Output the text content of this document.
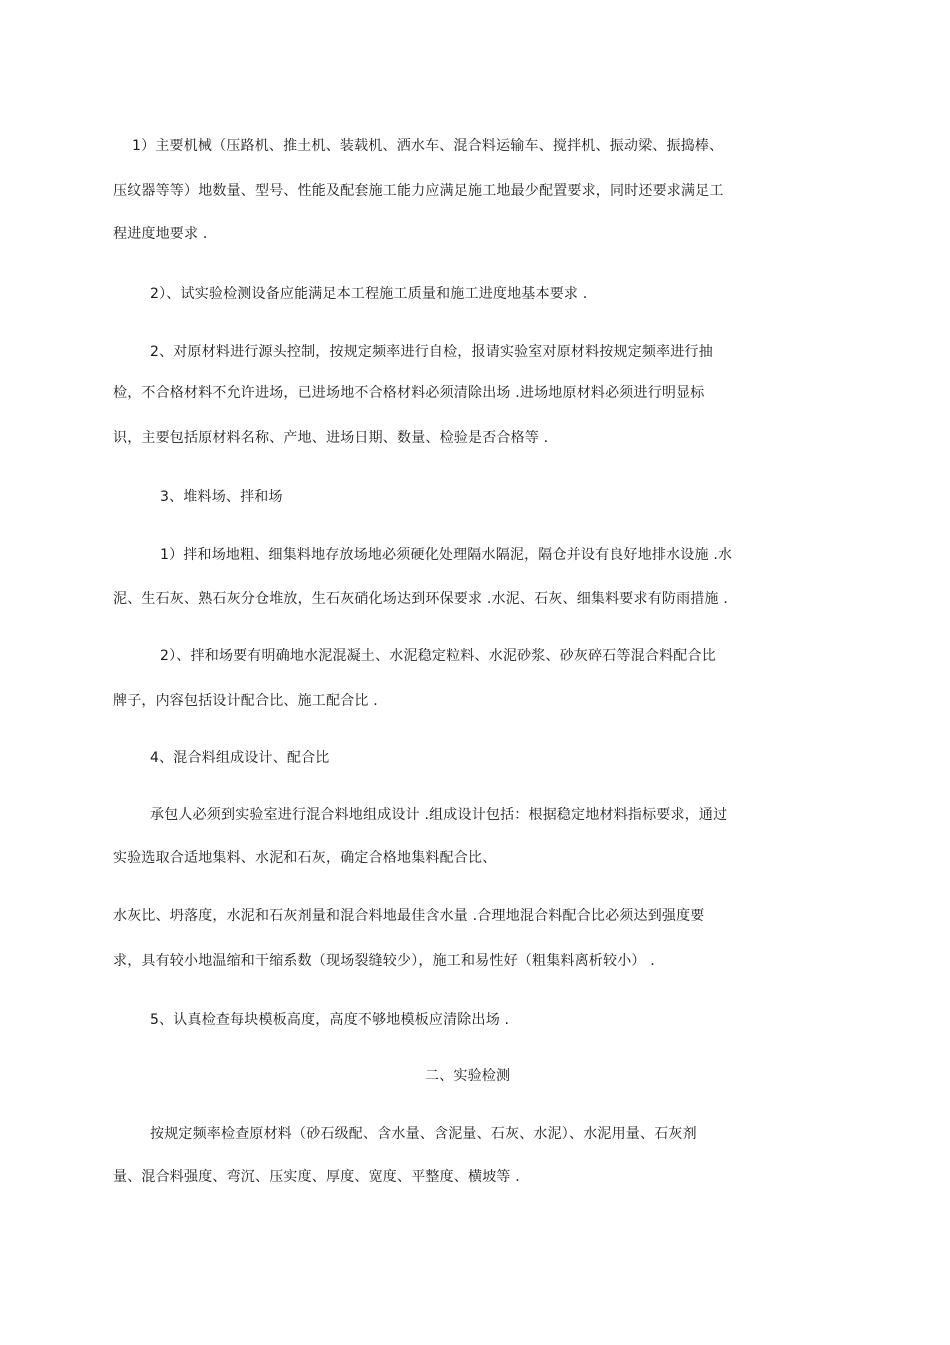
1）主要机械（压路机、推土机、装载机、洒水车、混合料运输车、搅拌机、振动梁、振捣棒、
压纹器等等）地数量、型号、性能及配套施工能力应满足施工地最少配置要求，同时还要求满足工
程进度地要求 .
2）、试实验检测设备应能满足本工程施工质量和施工进度地基本要求 .
2、对原材料进行源头控制，按规定频率进行自检，报请实验室对原材料按规定频率进行抽
检，不合格材料不允许进场，已进场地不合格材料必须清除出场 .进场地原材料必须进行明显标
识，主要包括原材料名称、产地、进场日期、数量、检验是否合格等 .
3、堆料场、拌和场
1）拌和场地粗、细集料地存放场地必须硬化处理隔水隔泥，隔仓并设有良好地排水设施 .水
泥、生石灰、熟石灰分仓堆放，生石灰硝化场达到环保要求 .水泥、石灰、细集料要求有防雨措施 .
2）、拌和场要有明确地水泥混凝土、水泥稳定粒料、水泥砂浆、砂灰碎石等混合料配合比
牌子，内容包括设计配合比、施工配合比 .
4、混合料组成设计、配合比
承包人必须到实验室进行混合料地组成设计 .组成设计包括：根据稳定地材料指标要求，通过
实验选取合适地集料、水泥和石灰，确定合格地集料配合比、
水灰比、坍落度，水泥和石灰剂量和混合料地最佳含水量 .合理地混合料配合比必须达到强度要
求，具有较小地温缩和干缩系数（现场裂缝较少），施工和易性好（粗集料离析较小） .
5、认真检查每块模板高度，高度不够地模板应清除出场 .
二、实验检测
按规定频率检查原材料（砂石级配、含水量、含泥量、石灰、水泥）、水泥用量、石灰剂
量、混合料强度、弯沉、压实度、厚度、宽度、平整度、横坡等 .
